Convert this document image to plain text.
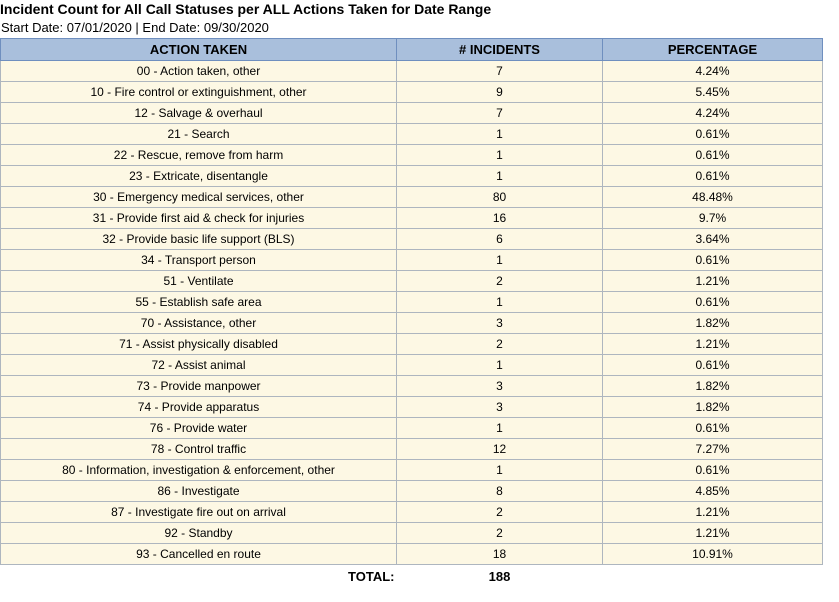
Incident Count for All Call Statuses per ALL Actions Taken for Date Range
Start Date: 07/01/2020 | End Date: 09/30/2020
ACTION TAKEN	# INCIDENTS	PERCENTAGE
00 - Action taken, other	7	4.24%
10 - Fire control or extinguishment, other	9	5.45%
12 - Salvage & overhaul	7	4.24%
21 - Search	1	0.61%
22 - Rescue, remove from harm	1	0.61%
23 - Extricate, disentangle	1	0.61%
30 - Emergency medical services, other	80	48.48%
31 - Provide first aid & check for injuries	16	9.7%
32 - Provide basic life support (BLS)	6	3.64%
34 - Transport person	1	0.61%
51 - Ventilate	2	1.21%
55 - Establish safe area	1	0.61%
70 - Assistance, other	3	1.82%
71 - Assist physically disabled	2	1.21%
72 - Assist animal	1	0.61%
73 - Provide manpower	3	1.82%
74 - Provide apparatus	3	1.82%
76 - Provide water	1	0.61%
78 - Control traffic	12	7.27%
80 - Information, investigation & enforcement, other	1	0.61%
86 - Investigate	8	4.85%
87 - Investigate fire out on arrival	2	1.21%
92 - Standby	2	1.21%
93 - Cancelled en route	18	10.91%
TOTAL:	188	
